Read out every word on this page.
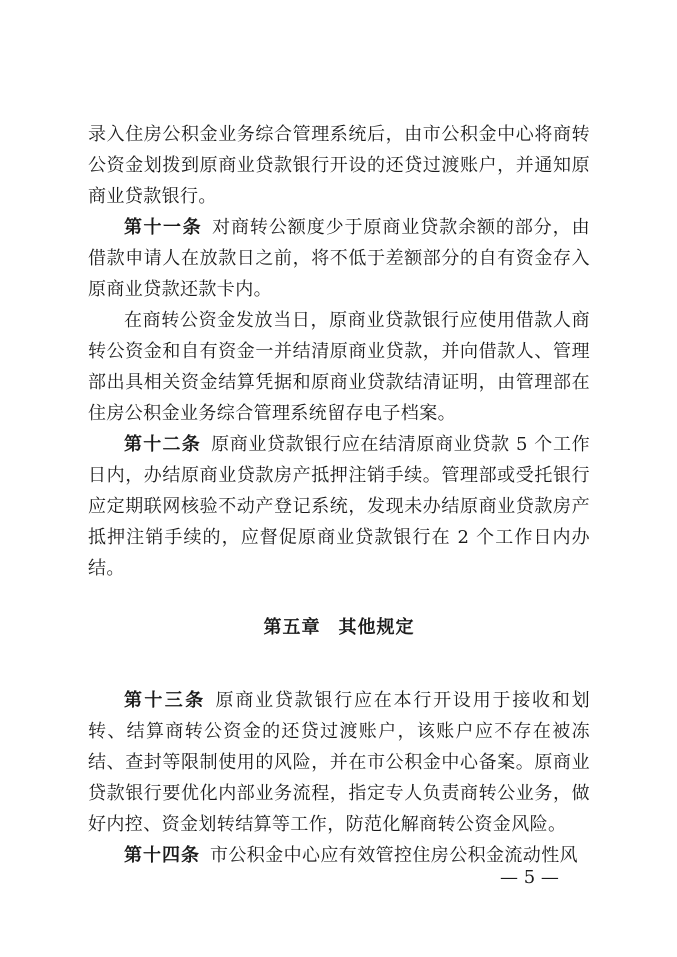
录入住房公积金业务综合管理系统后，由市公积金中心将商转公资金划拨到原商业贷款银行开设的还贷过渡账户，并通知原商业贷款银行。

第十一条 对商转公额度少于原商业贷款余额的部分，由借款申请人在放款日之前，将不低于差额部分的自有资金存入原商业贷款还款卡内。

在商转公资金发放当日，原商业贷款银行应使用借款人商转公资金和自有资金一并结清原商业贷款，并向借款人、管理部出具相关资金结算凭据和原商业贷款结清证明，由管理部在住房公积金业务综合管理系统留存电子档案。

第十二条 原商业贷款银行应在结清原商业贷款 5 个工作日内，办结原商业贷款房产抵押注销手续。管理部或受托银行应定期联网核验不动产登记系统，发现未办结原商业贷款房产抵押注销手续的，应督促原商业贷款银行在 2 个工作日内办结。

第五章 其他规定

第十三条 原商业贷款银行应在本行开设用于接收和划转、结算商转公资金的还贷过渡账户，该账户应不存在被冻结、查封等限制使用的风险，并在市公积金中心备案。原商业贷款银行要优化内部业务流程，指定专人负责商转公业务，做好内控、资金划转结算等工作，防范化解商转公资金风险。

第十四条 市公积金中心应有效管控住房公积金流动性风

— 5 —
